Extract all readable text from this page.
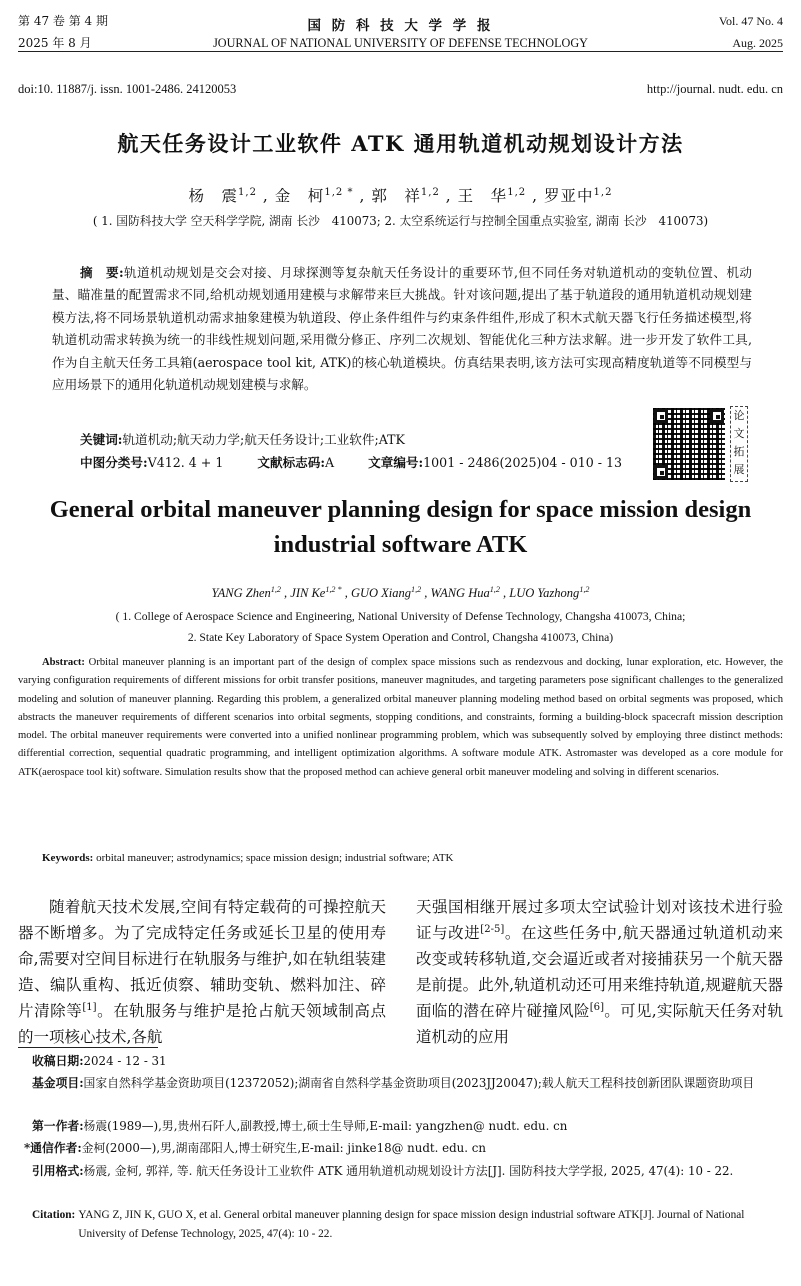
第 47 卷 第 4 期
2025 年 8 月
国 防 科 技 大 学 学 报
JOURNAL OF NATIONAL UNIVERSITY OF DEFENSE TECHNOLOGY
Vol. 47 No. 4
Aug. 2025
doi:10. 11887/j. issn. 1001-2486. 24120053	http://journal. nudt. edu. cn
航天任务设计工业软件 ATK 通用轨道机动规划设计方法
杨　震$^{1,2}$ , 金　柯$^{1,2 *}$ , 郭　祥$^{1,2}$ , 王　华$^{1,2}$ , 罗亚中$^{1,2}$
( 1. 国防科技大学 空天科学学院, 湖南 长沙　410073; 2. 太空系统运行与控制全国重点实验室, 湖南 长沙　410073)
摘　要:轨道机动规划是交会对接、月球探测等复杂航天任务设计的重要环节,但不同任务对轨道机动的变轨位置、机动量、瞄准量的配置需求不同,给机动规划通用建模与求解带来巨大挑战。针对该问题,提出了基于轨道段的通用轨道机动规划建模方法,将不同场景轨道机动需求抽象建模为轨道段、停止条件组件与约束条件组件,形成了积木式航天器飞行任务描述模型,将轨道机动需求转换为统一的非线性规划问题,采用微分修正、序列二次规划、智能优化三种方法求解。进一步开发了软件工具,作为自主航天任务工具箱(aerospace tool kit, ATK)的核心轨道模块。仿真结果表明,该方法可实现高精度轨道等不同模型与应用场景下的通用化轨道机动规划建模与求解。
关键词:轨道机动;航天动力学;航天任务设计;工业软件;ATK
中图分类号:V412. 4 + 1	文献标志码:A	文章编号:1001 - 2486(2025)04 - 010 - 13
论
文
拓
展
General orbital maneuver planning design for space mission design industrial software ATK
YANG Zhen$^{1,2}$ , JIN $Ke^{1,2 *}$ , GUO Xiang$^{1,2}$ , WANG Hua$^{1,2}$ , LUO Yazhong$^{1,2}$
( 1. College of Aerospace Science and Engineering, National University of Defense Technology, Changsha 410073, China;
2. State Key Laboratory of Space System Operation and Control, Changsha 410073, China)
Abstract: Orbital maneuver planning is an important part of the design of complex space missions such as rendezvous and docking, lunar exploration, etc. However, the varying configuration requirements of different missions for orbit transfer positions, maneuver magnitudes, and targeting parameters pose significant challenges to the generalized modeling and solution of maneuver planning. Regarding this problem, a generalized orbital maneuver planning modeling method based on orbital segments was proposed, which abstracts the maneuver requirements of different scenarios into orbital segments, stopping conditions, and constraints, forming a building-block spacecraft mission description model. The orbital maneuver requirements were converted into a unified nonlinear programming problem, which was subsequently solved by employing three distinct methods: differential correction, sequential quadratic programming, and intelligent optimization algorithms. A software module ATK. Astromaster was developed as a core module for ATK(aerospace tool kit) software. Simulation results show that the proposed method can achieve general orbit maneuver modeling and solving in different scenarios.
Keywords: orbital maneuver; astrodynamics; space mission design; industrial software; ATK
随着航天技术发展,空间有特定载荷的可操控航天器不断增多。为了完成特定任务或延长卫星的使用寿命,需要对空间目标进行在轨服务与维护,如在轨组装建造、编队重构、抵近侦察、辅助变轨、燃料加注、碎片清除等[1]。在轨服务与维护是抢占航天领域制高点的一项核心技术,各航
天强国相继开展过多项太空试验计划对该技术进行验证与改进[2-5]。在这些任务中,航天器通过轨道机动来改变或转移轨道,交会逼近或者对接捕获另一个航天器是前提。此外,轨道机动还可用来维持轨道,规避航天器面临的潜在碎片碰撞风险[6]。可见,实际航天任务对轨道机动的应用
收稿日期:2024 - 12 - 31
基金项目: 国家自然科学基金资助项目(12372052);湖南省自然科学基金资助项目(2023JJ20047);载人航天工程科技创新团队课题资助项目
第一作者:杨震(1989—),男,贵州石阡人,副教授,博士,硕士生导师,E-mail: yangzhen@ nudt. edu. cn
*通信作者:金柯(2000—),男,湖南邵阳人,博士研究生,E-mail: jinke18@ nudt. edu. cn
引用格式: 杨震, 金柯, 郭祥, 等. 航天任务设计工业软件 ATK 通用轨道机动规划设计方法[J]. 国防科技大学学报, 2025, 47(4): 10 - 22.
Citation: YANG Z, JIN K, GUO X, et al. General orbital maneuver planning design for space mission design industrial software ATK[J]. Journal of National University of Defense Technology, 2025, 47(4): 10 - 22.
